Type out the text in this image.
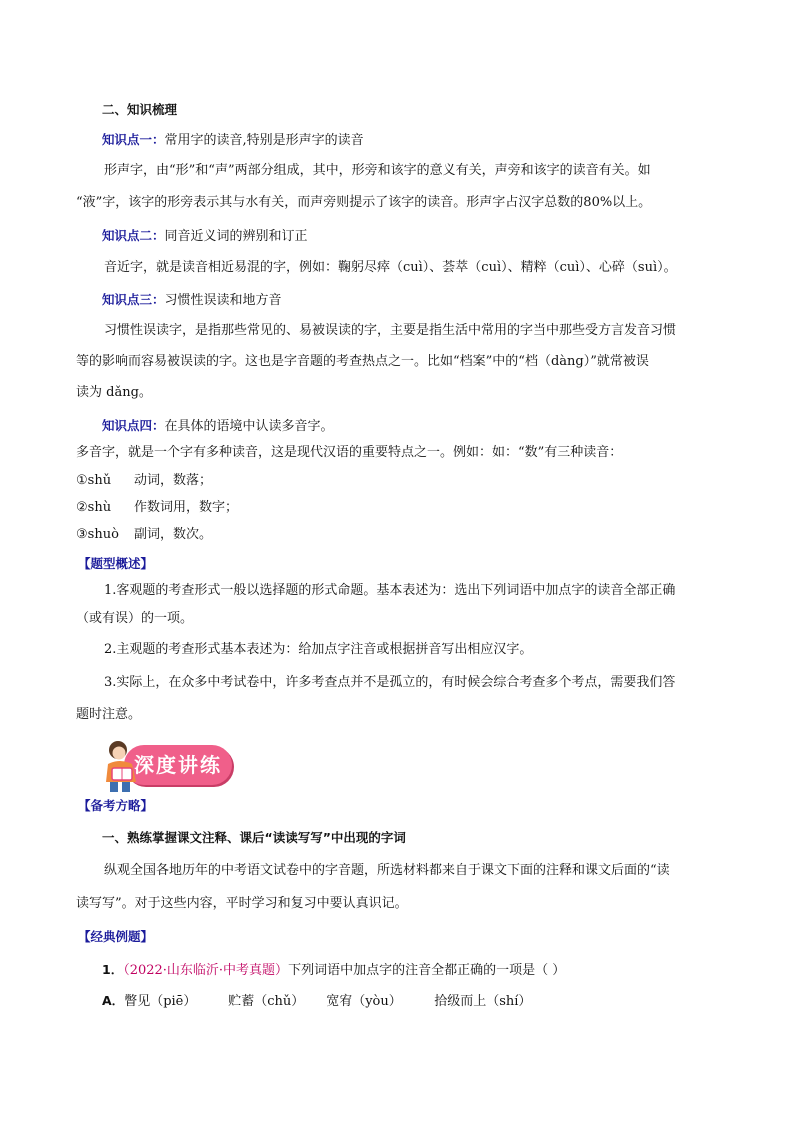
二、知识梳理
知识点一：常用字的读音,特别是形声字的读音
形声字，由“形”和“声”两部分组成，其中，形旁和该字的意义有关，声旁和该字的读音有关。如
“液”字，该字的形旁表示其与水有关，而声旁则提示了该字的读音。形声字占汉字总数的80%以上。
知识点二：同音近义词的辨别和订正
音近字，就是读音相近易混的字，例如：鞠躬尽瘁（cuì）、荟萃（cuì）、精粹（cuì）、心碎（suì）。
知识点三：习惯性误读和地方音
习惯性误读字，是指那些常见的、易被误读的字，主要是指生活中常用的字当中那些受方言发音习惯
等的影响而容易被误读的字。这也是字音题的考查热点之一。比如“档案”中的“档（dàng）”就常被误
读为 dǎng。
知识点四：在具体的语境中认读多音字。
多音字，就是一个字有多种读音，这是现代汉语的重要特点之一。例如：如：“数”有三种读音：
①shǔ 动词，数落；
②shù 作数词用，数字；
③shuò 副词，数次。
【题型概述】
1.客观题的考查形式一般以选择题的形式命题。基本表述为：选出下列词语中加点字的读音全部正确
（或有误）的一项。
2.主观题的考查形式基本表述为：给加点字注音或根据拼音写出相应汉字。
3.实际上，在众多中考试卷中，许多考查点并不是孤立的，有时候会综合考查多个考点，需要我们答
题时注意。
【备考方略】
一、熟练掌握课文注释、课后“读读写写”中出现的字词
纵观全国各地历年的中考语文试卷中的字音题，所选材料都来自于课文下面的注释和课文后面的“读
读写写”。对于这些内容，平时学习和复习中要认真识记。
【经典例题】
1．（2022·山东临沂·中考真题）下列词语中加点字的注音全都正确的一项是（ ）
A．瞥见（piē） 贮蓄（chǔ） 宽宥（yòu） 拾级而上（shí）
深度讲练
